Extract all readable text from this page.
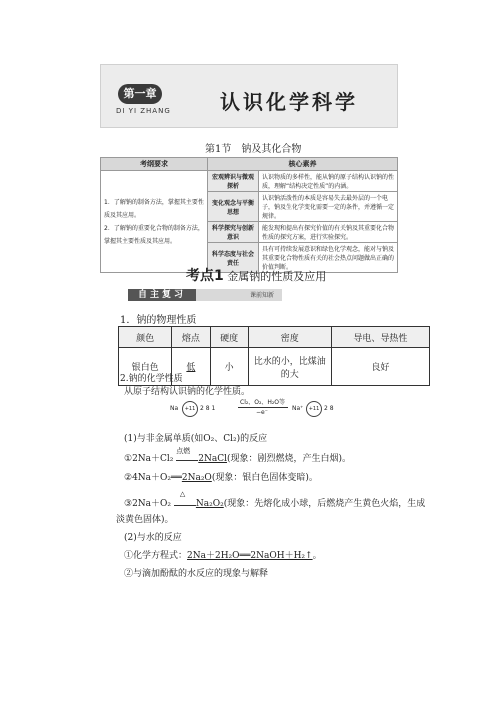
第一章
DI YI ZHANG 认识化学科学
第1节　钠及其化合物
考纲要求	核心素养	

1．了解钠的制备方法，掌握其主要性质及其应用。
2．了解钠的重要化合物的制备方法，掌握其主要性质及其应用。	宏观辨识与微观探析	认识物质的多样性，能从钠的原子结构认识钠的性质，理解“结构决定性质”的内涵。
	变化观念与平衡思想	认识钠活泼性的本质是容易失去最外层的一个电子，钠及生化学变化需要一定的条件，并遵循一定规律。
	科学探究与创新意识	能发现和提出有探究价值的有关钠及其重要化合物性质的探究方案，进行实验探究。
	科学态度与社会责任	具有可持续发展意识和绿色化学观念，能对与钠及其重要化合物性质有关的社会热点问题做出正确的价值判断。
考点1 金属钠的性质及应用
自主复习	课前知新
1．钠的物理性质
颜色	熔点	硬度	密度	导电、导热性
银白色	低	小	比水的小，比煤油的大	良好
2.钠的化学性质
从原子结构认识钠的化学性质。
Na	+11 2 8 1
Cl₂、O₂、H₂O等
−e⁻
Na⁺	+11 2 8
(1)与非金属单质(如O₂、Cl₂)的反应
①2Na＋Cl₂
点燃
2NaCl(现象：剧烈燃烧，产生白烟)。
②4Na＋O₂══2Na₂O(现象：银白色固体变暗)。
③2Na＋O₂
△
Na₂O₂(现象：先熔化成小球，后燃烧产生黄色火焰，生成
淡黄色固体)。
(2)与水的反应
①化学方程式：2Na＋2H₂O══2NaOH＋H₂↑。
②与滴加酚酞的水反应的现象与解释
